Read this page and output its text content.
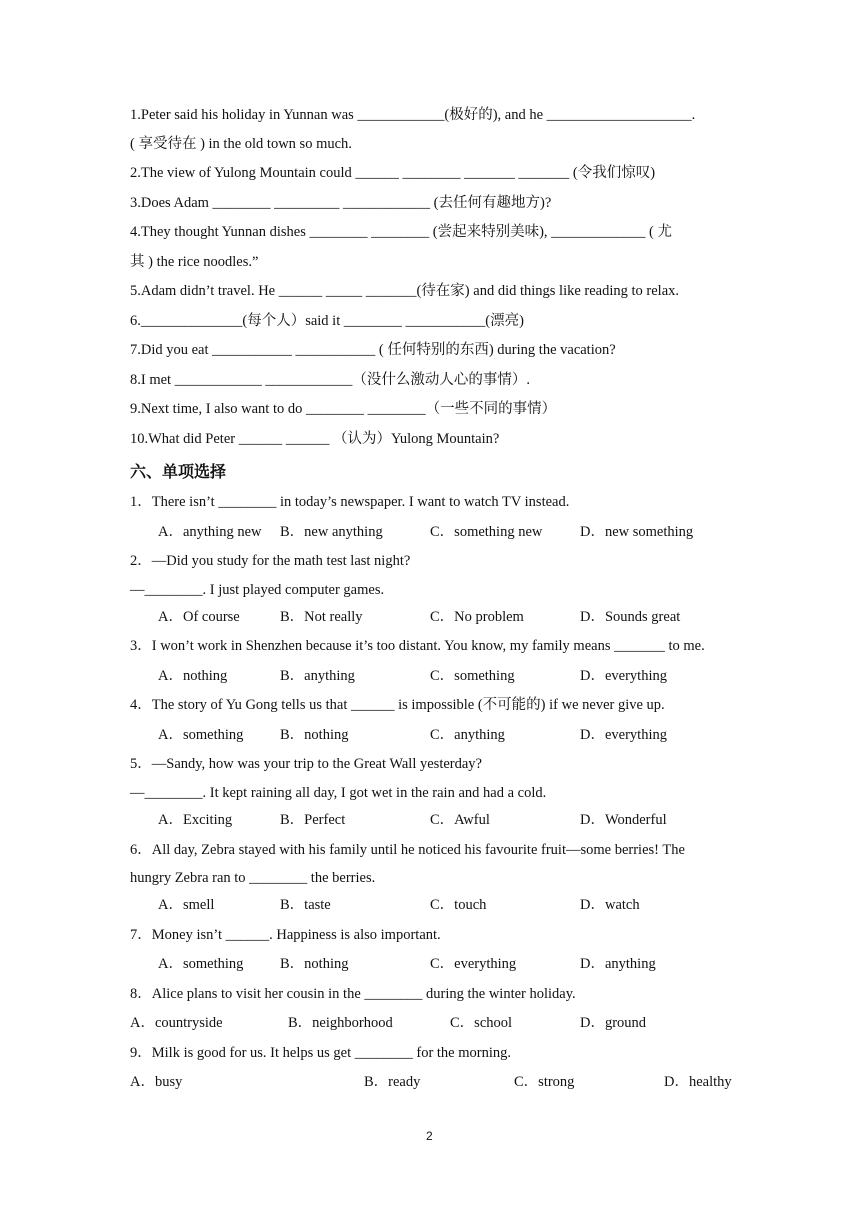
1.Peter said his holiday in Yunnan was ____________(极好的), and he ____________________.
( 享受待在 ) in the old town so much.
2.The view of Yulong Mountain could ______ ________ _______ _______ (令我们惊叹)
3.Does Adam ________ _________ ____________ (去任何有趣地方)?
4.They thought Yunnan dishes ________ ________ (尝起来特别美味), _____________ ( 尤
其 ) the rice noodles.”
5.Adam didn’t travel. He ______ _____ _______(待在家) and did things like reading to relax.
6.______________(每个人）said it ________ ___________(漂亮)
7.Did you eat ___________ ___________ ( 任何特别的东西) during the vacation?
8.I met ____________ ____________（没什么激动人心的事情）.
9.Next time, I also want to do ________ ________（一些不同的事情）
10.What did Peter ______ ______ （认为）Yulong Mountain?
六、单项选择
1．There isn’t ________ in today’s newspaper. I want to watch TV instead.
A．anything new B．new anything	C．something new	D．new something
2．—Did you study for the math test last night?
—________. I just played computer games.
A．Of course	B．Not really	C．No problem	D．Sounds great
3．I won’t work in Shenzhen because it’s too distant. You know, my family means _______ to me.
A．nothing	B．anything	C．something	D．everything
4．The story of Yu Gong tells us that ______ is impossible (不可能的) if we never give up.
A．something	B．nothing	C．anything	D．everything
5．—Sandy, how was your trip to the Great Wall yesterday?
—________. It kept raining all day, I got wet in the rain and had a cold.
A．Exciting	B．Perfect	C．Awful	D．Wonderful
6．All day, Zebra stayed with his family until he noticed his favourite fruit—some berries! The
hungry Zebra ran to ________ the berries.
A．smell	B．taste	C．touch	D．watch
7．Money isn’t ______. Happiness is also important.
A．something	B．nothing	C．everything	D．anything
8．Alice plans to visit her cousin in the ________ during the winter holiday.
A．countryside	B．neighborhood	C．school	D．ground
9．Milk is good for us. It helps us get ________ for the morning.
A．busy	B．ready	C．strong	D．healthy
2
